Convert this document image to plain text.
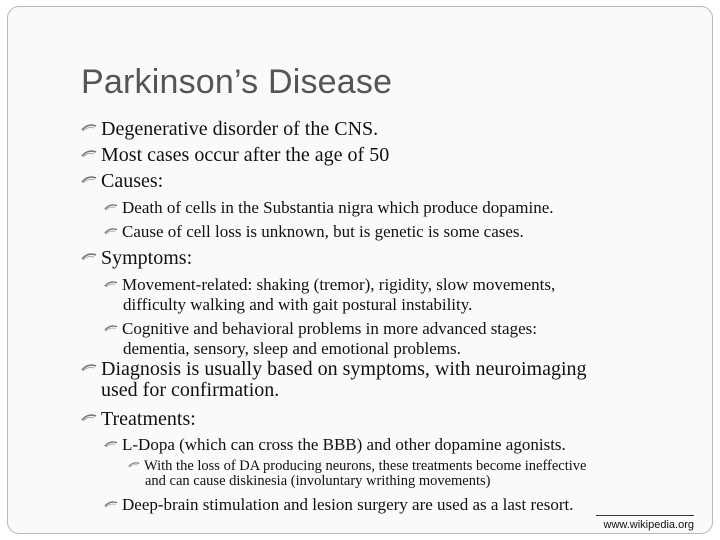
Parkinson’s Disease
Degenerative disorder of the CNS.
Most cases occur after the age of 50
Causes:
Death of cells in the Substantia nigra which produce dopamine.
Cause of cell loss is unknown, but is genetic is some cases.
Symptoms:
Movement-related: shaking (tremor), rigidity, slow movements,
difficulty walking and with gait postural instability.
Cognitive and behavioral problems in more advanced stages:
dementia, sensory, sleep and emotional problems.
Diagnosis is usually based on symptoms, with neuroimaging
used for confirmation.
Treatments:
L-Dopa (which can cross the BBB) and other dopamine agonists.
With the loss of DA producing neurons, these treatments become ineffective
and can cause diskinesia (involuntary writhing movements)
Deep-brain stimulation and lesion surgery are used as a last resort.
www.wikipedia.org
